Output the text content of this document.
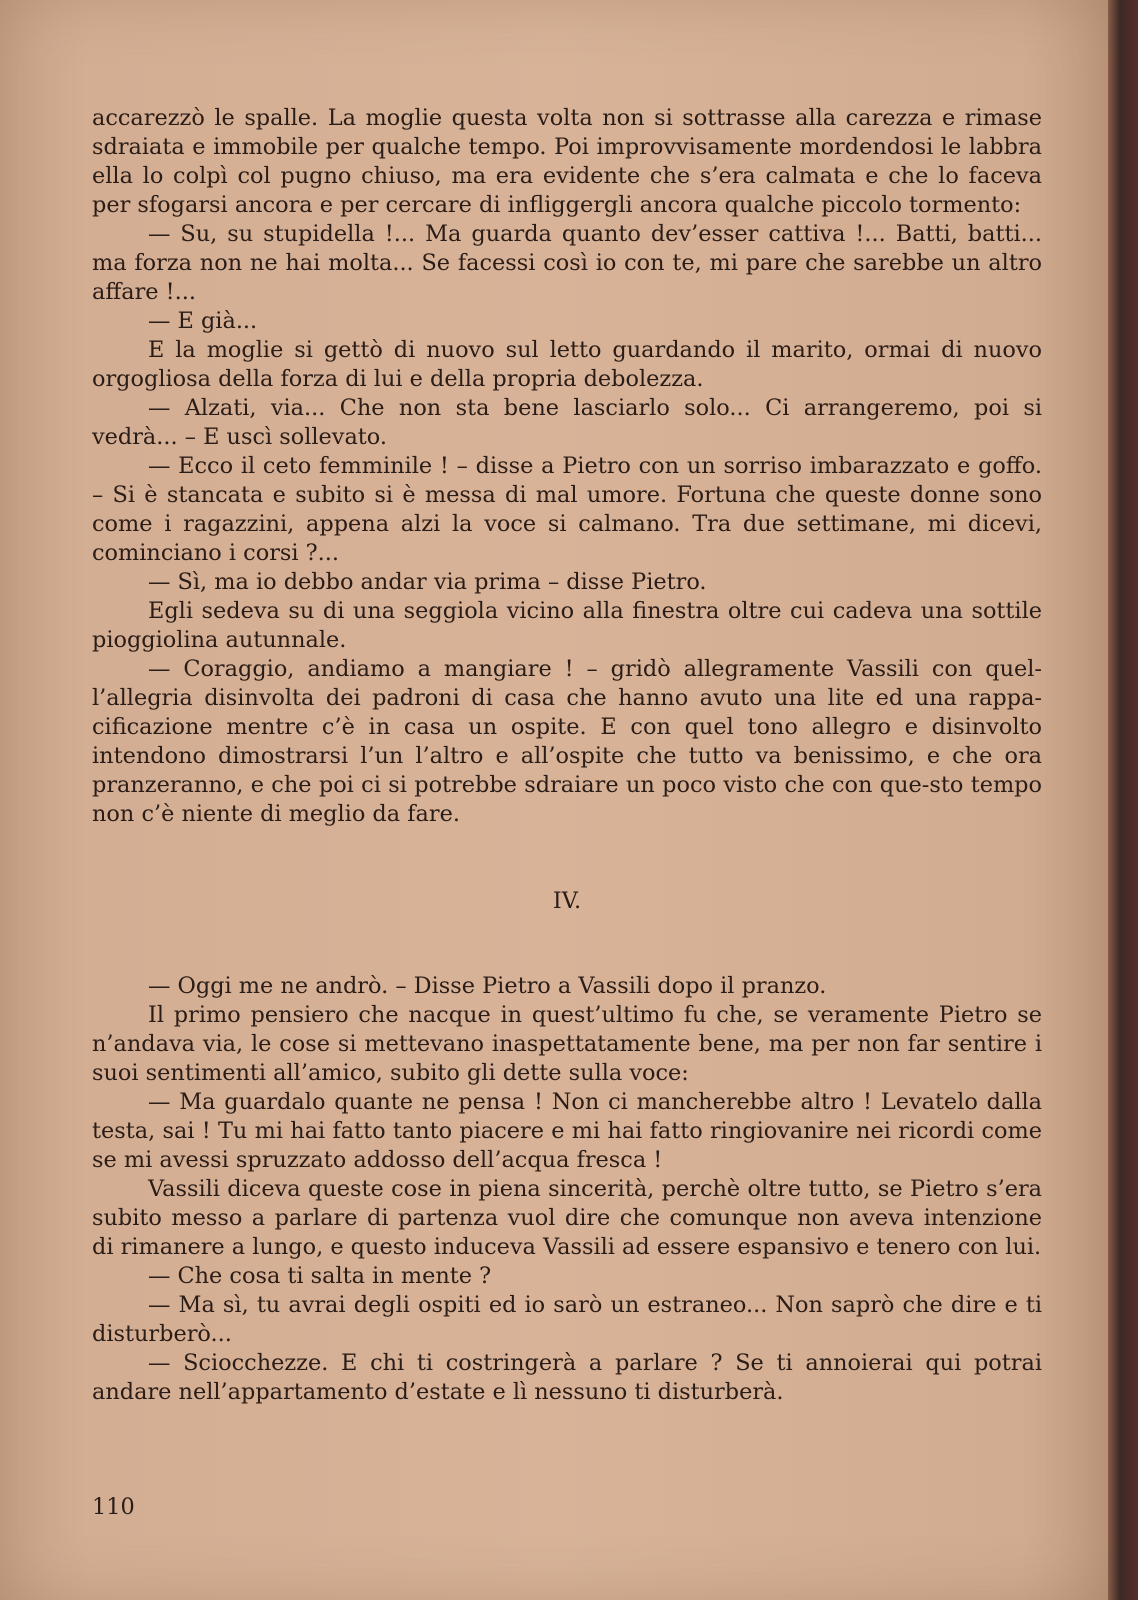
accarezzò le spalle. La moglie questa volta non si sottrasse alla carezza e rimase sdraiata e immobile per qualche tempo. Poi improvvisamente mordendosi le labbra ella lo colpì col pugno chiuso, ma era evidente che s’era calmata e che lo faceva per sfogarsi ancora e per cercare di infliggergli ancora qualche piccolo tormento:

— Su, su stupidella !... Ma guarda quanto dev’esser cattiva !... Batti, batti... ma forza non ne hai molta... Se facessi così io con te, mi pare che sarebbe un altro affare !...

— E già...

E la moglie si gettò di nuovo sul letto guardando il marito, ormai di nuovo orgogliosa della forza di lui e della propria debolezza.

— Alzati, via... Che non sta bene lasciarlo solo... Ci arrangeremo, poi si vedrà... – E uscì sollevato.

— Ecco il ceto femminile ! – disse a Pietro con un sorriso imbarazzato e goffo. – Si è stancata e subito si è messa di mal umore. Fortuna che queste donne sono come i ragazzini, appena alzi la voce si calmano. Tra due settimane, mi dicevi, cominciano i corsi ?...

— Sì, ma io debbo andar via prima – disse Pietro.

Egli sedeva su di una seggiola vicino alla finestra oltre cui cadeva una sottile pioggiolina autunnale.

— Coraggio, andiamo a mangiare ! – gridò allegramente Vassili con quel-l’allegria disinvolta dei padroni di casa che hanno avuto una lite ed una rappa-cificazione mentre c’è in casa un ospite. E con quel tono allegro e disinvolto intendono dimostrarsi l’un l’altro e all’ospite che tutto va benissimo, e che ora pranzeranno, e che poi ci si potrebbe sdraiare un poco visto che con que-sto tempo non c’è niente di meglio da fare.

IV.

— Oggi me ne andrò. – Disse Pietro a Vassili dopo il pranzo.

Il primo pensiero che nacque in quest’ultimo fu che, se veramente Pietro se n’andava via, le cose si mettevano inaspettatamente bene, ma per non far sentire i suoi sentimenti all’amico, subito gli dette sulla voce:

— Ma guardalo quante ne pensa ! Non ci mancherebbe altro ! Levatelo dalla testa, sai ! Tu mi hai fatto tanto piacere e mi hai fatto ringiovanire nei ricordi come se mi avessi spruzzato addosso dell’acqua fresca !

Vassili diceva queste cose in piena sincerità, perchè oltre tutto, se Pietro s’era subito messo a parlare di partenza vuol dire che comunque non aveva intenzione di rimanere a lungo, e questo induceva Vassili ad essere espansivo e tenero con lui.

— Che cosa ti salta in mente ?

— Ma sì, tu avrai degli ospiti ed io sarò un estraneo... Non saprò che dire e ti disturberò...

— Sciocchezze. E chi ti costringerà a parlare ? Se ti annoierai qui potrai andare nell’appartamento d’estate e lì nessuno ti disturberà.

110
